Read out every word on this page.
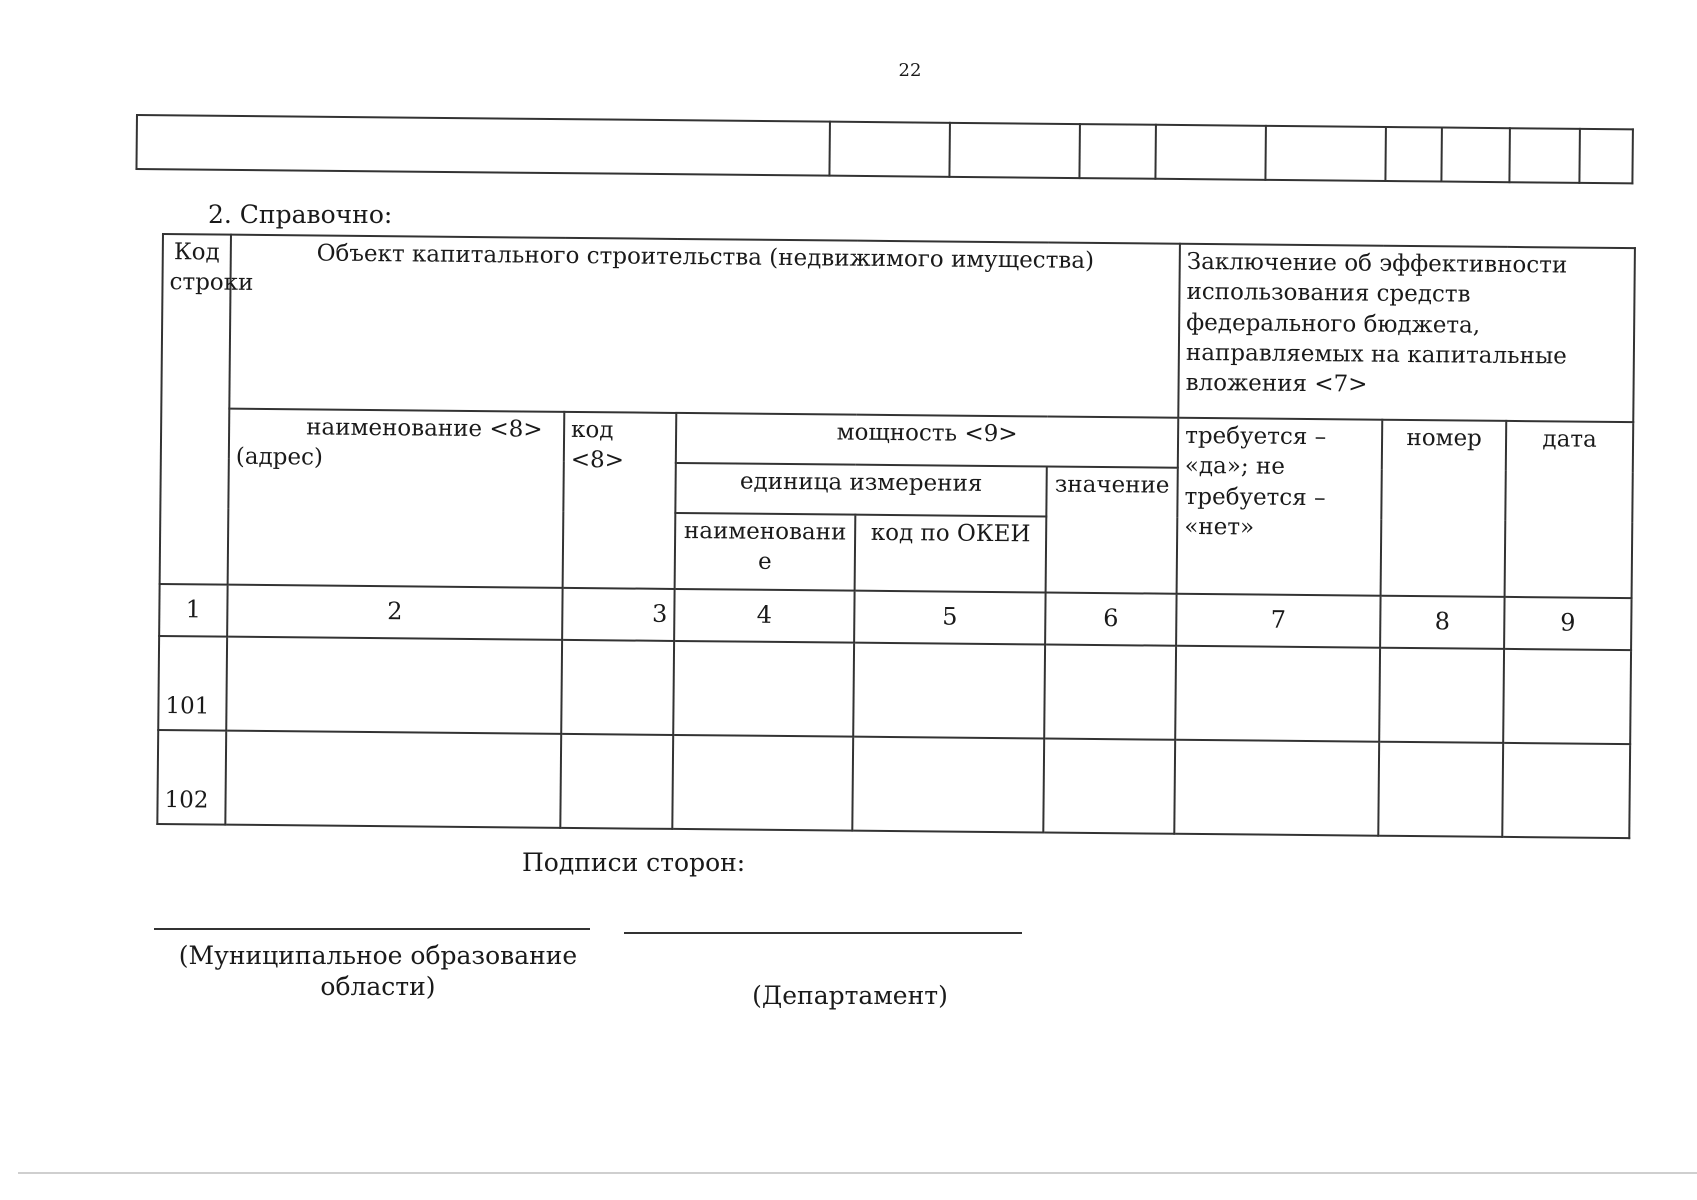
22

2. Справочно:
Код строки	Объект капитального строительства (недвижимого имущества)					Заключение об эффективности использования средств федерального бюджета, направляемых на капитальные вложения <7>		
	наименование <8> (адрес)	код <8>	мощность <9>			требуется – «да»; не требуется – «нет»	номер	дата
			единица измерения		значение			
			наименование	код по ОКЕИ				
1	2	3	4	5	6	7	8	9
101								
102								
Подписи сторон:
(Муниципальное образование области)	(Департамент)
